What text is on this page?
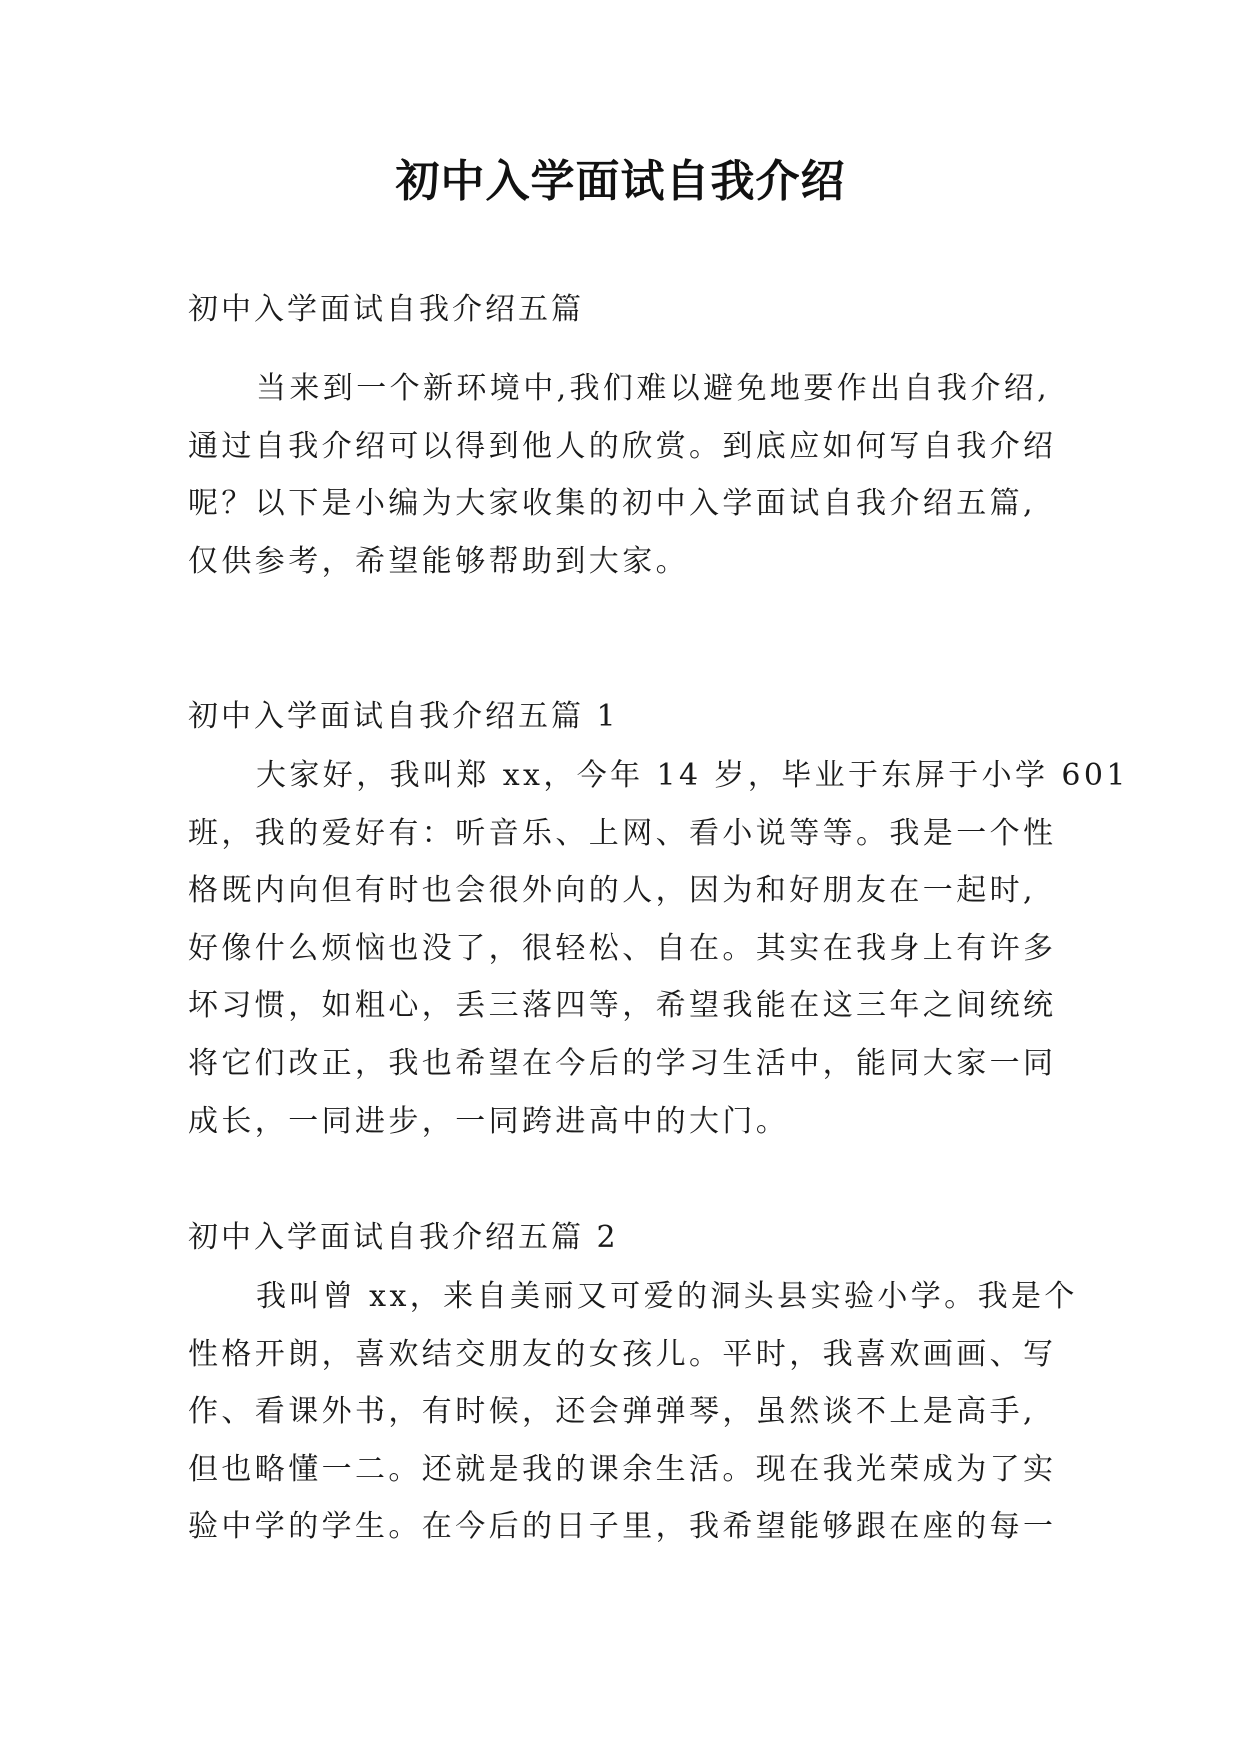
初中入学面试自我介绍
初中入学面试自我介绍五篇
当来到一个新环境中,我们难以避免地要作出自我介绍,
通过自我介绍可以得到他人的欣赏。到底应如何写自我介绍
呢？以下是小编为大家收集的初中入学面试自我介绍五篇,
仅供参考，希望能够帮助到大家。
初中入学面试自我介绍五篇 1
大家好，我叫郑 xx，今年 14 岁，毕业于东屏于小学 601
班，我的爱好有：听音乐、上网、看小说等等。我是一个性
格既内向但有时也会很外向的人，因为和好朋友在一起时,
好像什么烦恼也没了，很轻松、自在。其实在我身上有许多
坏习惯，如粗心，丢三落四等，希望我能在这三年之间统统
将它们改正，我也希望在今后的学习生活中，能同大家一同
成长，一同进步，一同跨进高中的大门。
初中入学面试自我介绍五篇 2
我叫曾 xx，来自美丽又可爱的洞头县实验小学。我是个
性格开朗，喜欢结交朋友的女孩儿。平时，我喜欢画画、写
作、看课外书，有时候，还会弹弹琴，虽然谈不上是高手,
但也略懂一二。还就是我的课余生活。现在我光荣成为了实
验中学的学生。在今后的日子里，我希望能够跟在座的每一
